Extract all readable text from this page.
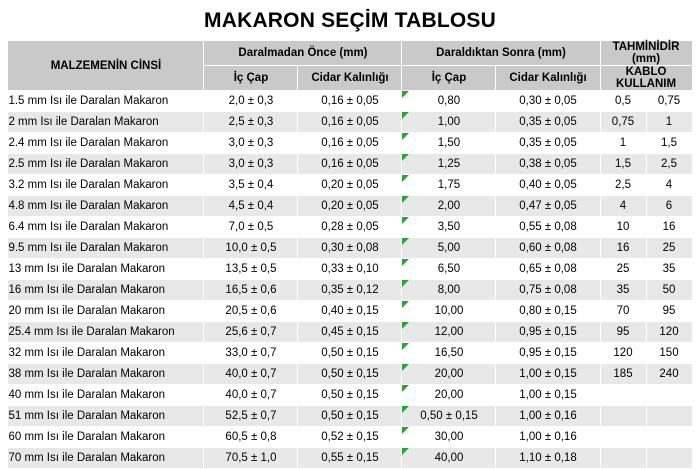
MAKARON SEÇİM TABLOSU
MALZEMENİN CİNSİ	Daralmadan Önce (mm)		Daraldıktan Sonra (mm)		TAHMİNİDİR (mm)	
	İç Çap	Cidar Kalınlığı	İç Çap	Cidar Kalınlığı	KABLO KULLANIM	
1.5 mm Isı ile Daralan Makaron	2,0 ± 0,3	0,16 ± 0,05	0,80	0,30 ± 0,05	0,5	0,75
2 mm Isı ile Daralan Makaron	2,5 ± 0,3	0,16 ± 0,05	1,00	0,35 ± 0,05	0,75	1
2.4 mm Isı ile Daralan Makaron	3,0 ± 0,3	0,16 ± 0,05	1,50	0,35 ± 0,05	1	1,5
2.5 mm Isı ile Daralan Makaron	3,0 ± 0,3	0,16 ± 0,05	1,25	0,38 ± 0,05	1,5	2,5
3.2 mm Isı ile Daralan Makaron	3,5 ± 0,4	0,20 ± 0,05	1,75	0,40 ± 0,05	2,5	4
4.8 mm Isı ile Daralan Makaron	4,5 ± 0,4	0,20 ± 0,05	2,00	0,47 ± 0,05	4	6
6.4 mm Isı ile Daralan Makaron	7,0 ± 0,5	0,28 ± 0,05	3,50	0,55 ± 0,08	10	16
9.5 mm Isı ile Daralan Makaron	10,0 ± 0,5	0,30 ± 0,08	5,00	0,60 ± 0,08	16	25
13 mm Isı ile Daralan Makaron	13,5 ± 0,5	0,33 ± 0,10	6,50	0,65 ± 0,08	25	35
16 mm Isı ile Daralan Makaron	16,5 ± 0,6	0,35 ± 0,12	8,00	0,75 ± 0,08	35	50
20 mm Isı ile Daralan Makaron	20,5 ± 0,6	0,40 ± 0,15	10,00	0,80 ± 0,15	70	95
25.4 mm Isı ile Daralan Makaron	25,6 ± 0,7	0,45 ± 0,15	12,00	0,95 ± 0,15	95	120
32 mm Isı ile Daralan Makaron	33,0 ± 0,7	0,50 ± 0,15	16,50	0,95 ± 0,15	120	150
38 mm Isı ile Daralan Makaron	40,0 ± 0,7	0,50 ± 0,15	20,00	1,00 ± 0,15	185	240
40 mm Isı ile Daralan Makaron	40,0 ± 0,7	0,50 ± 0,15	20,00	1,00 ± 0,15		
51 mm Isı ile Daralan Makaron	52,5 ± 0,7	0,50 ± 0,15	0,50 ± 0,15	1,00 ± 0,16		
60 mm Isı ile Daralan Makaron	60,5 ± 0,8	0,52 ± 0,15	30,00	1,00 ± 0,16		
70 mm Isı ile Daralan Makaron	70,5 ± 1,0	0,55 ± 0,15	40,00	1,10 ± 0,18		
